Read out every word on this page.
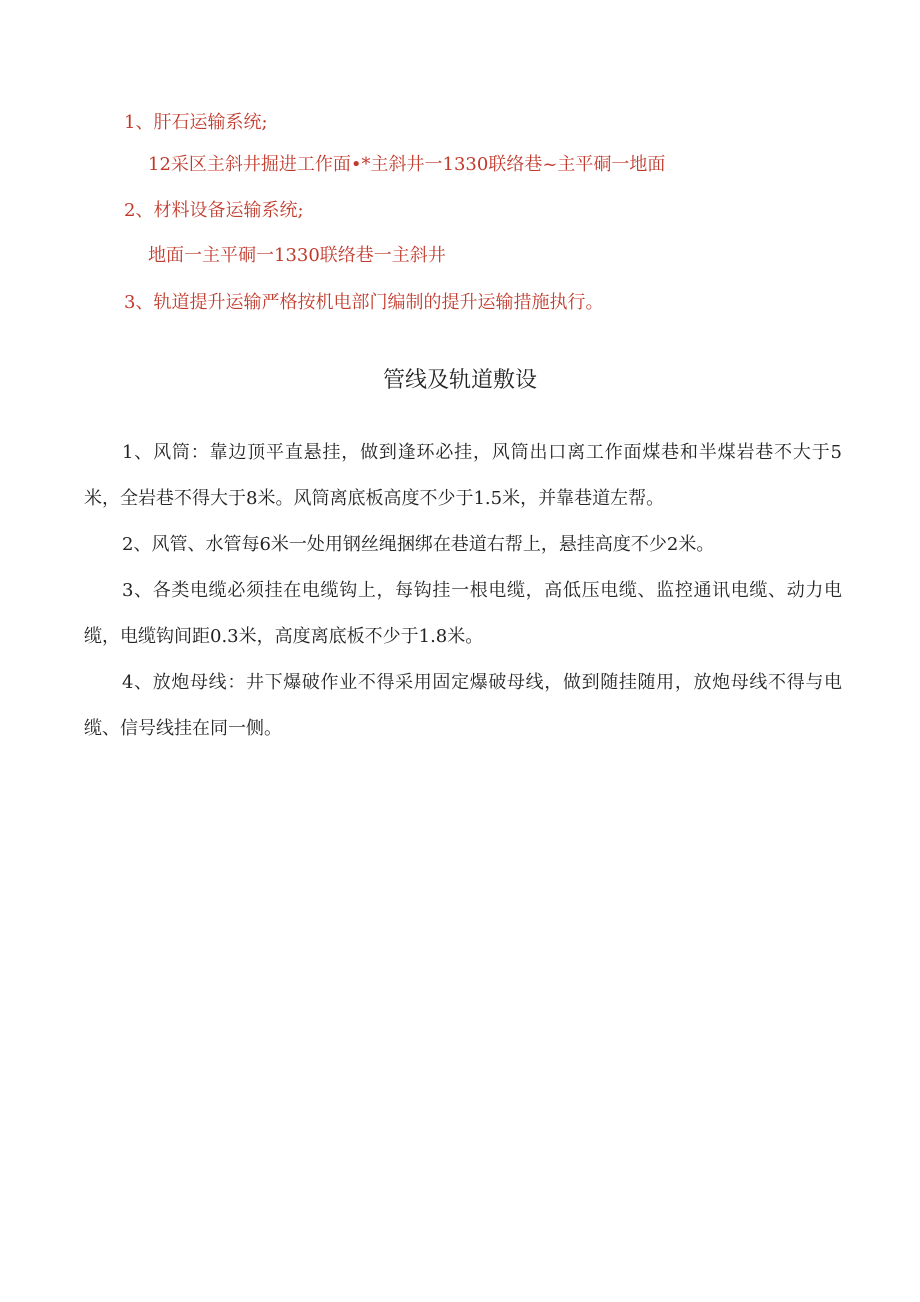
1、肝石运输系统;
12采区主斜井掘进工作面•*主斜井一1330联络巷~主平硐一地面
2、材料设备运输系统;
地面一主平硐一1330联络巷一主斜井
3、轨道提升运输严格按机电部门编制的提升运输措施执行。
管线及轨道敷设
1、风筒：靠边顶平直悬挂，做到逢环必挂，风筒出口离工作面煤巷和半煤岩巷不大于5米，全岩巷不得大于8米。风筒离底板高度不少于1.5米，并靠巷道左帮。
2、风管、水管每6米一处用钢丝绳捆绑在巷道右帮上，悬挂高度不少2米。
3、各类电缆必须挂在电缆钩上，每钩挂一根电缆，高低压电缆、监控通讯电缆、动力电缆，电缆钩间距0.3米，高度离底板不少于1.8米。
4、放炮母线：井下爆破作业不得采用固定爆破母线，做到随挂随用，放炮母线不得与电缆、信号线挂在同一侧。
